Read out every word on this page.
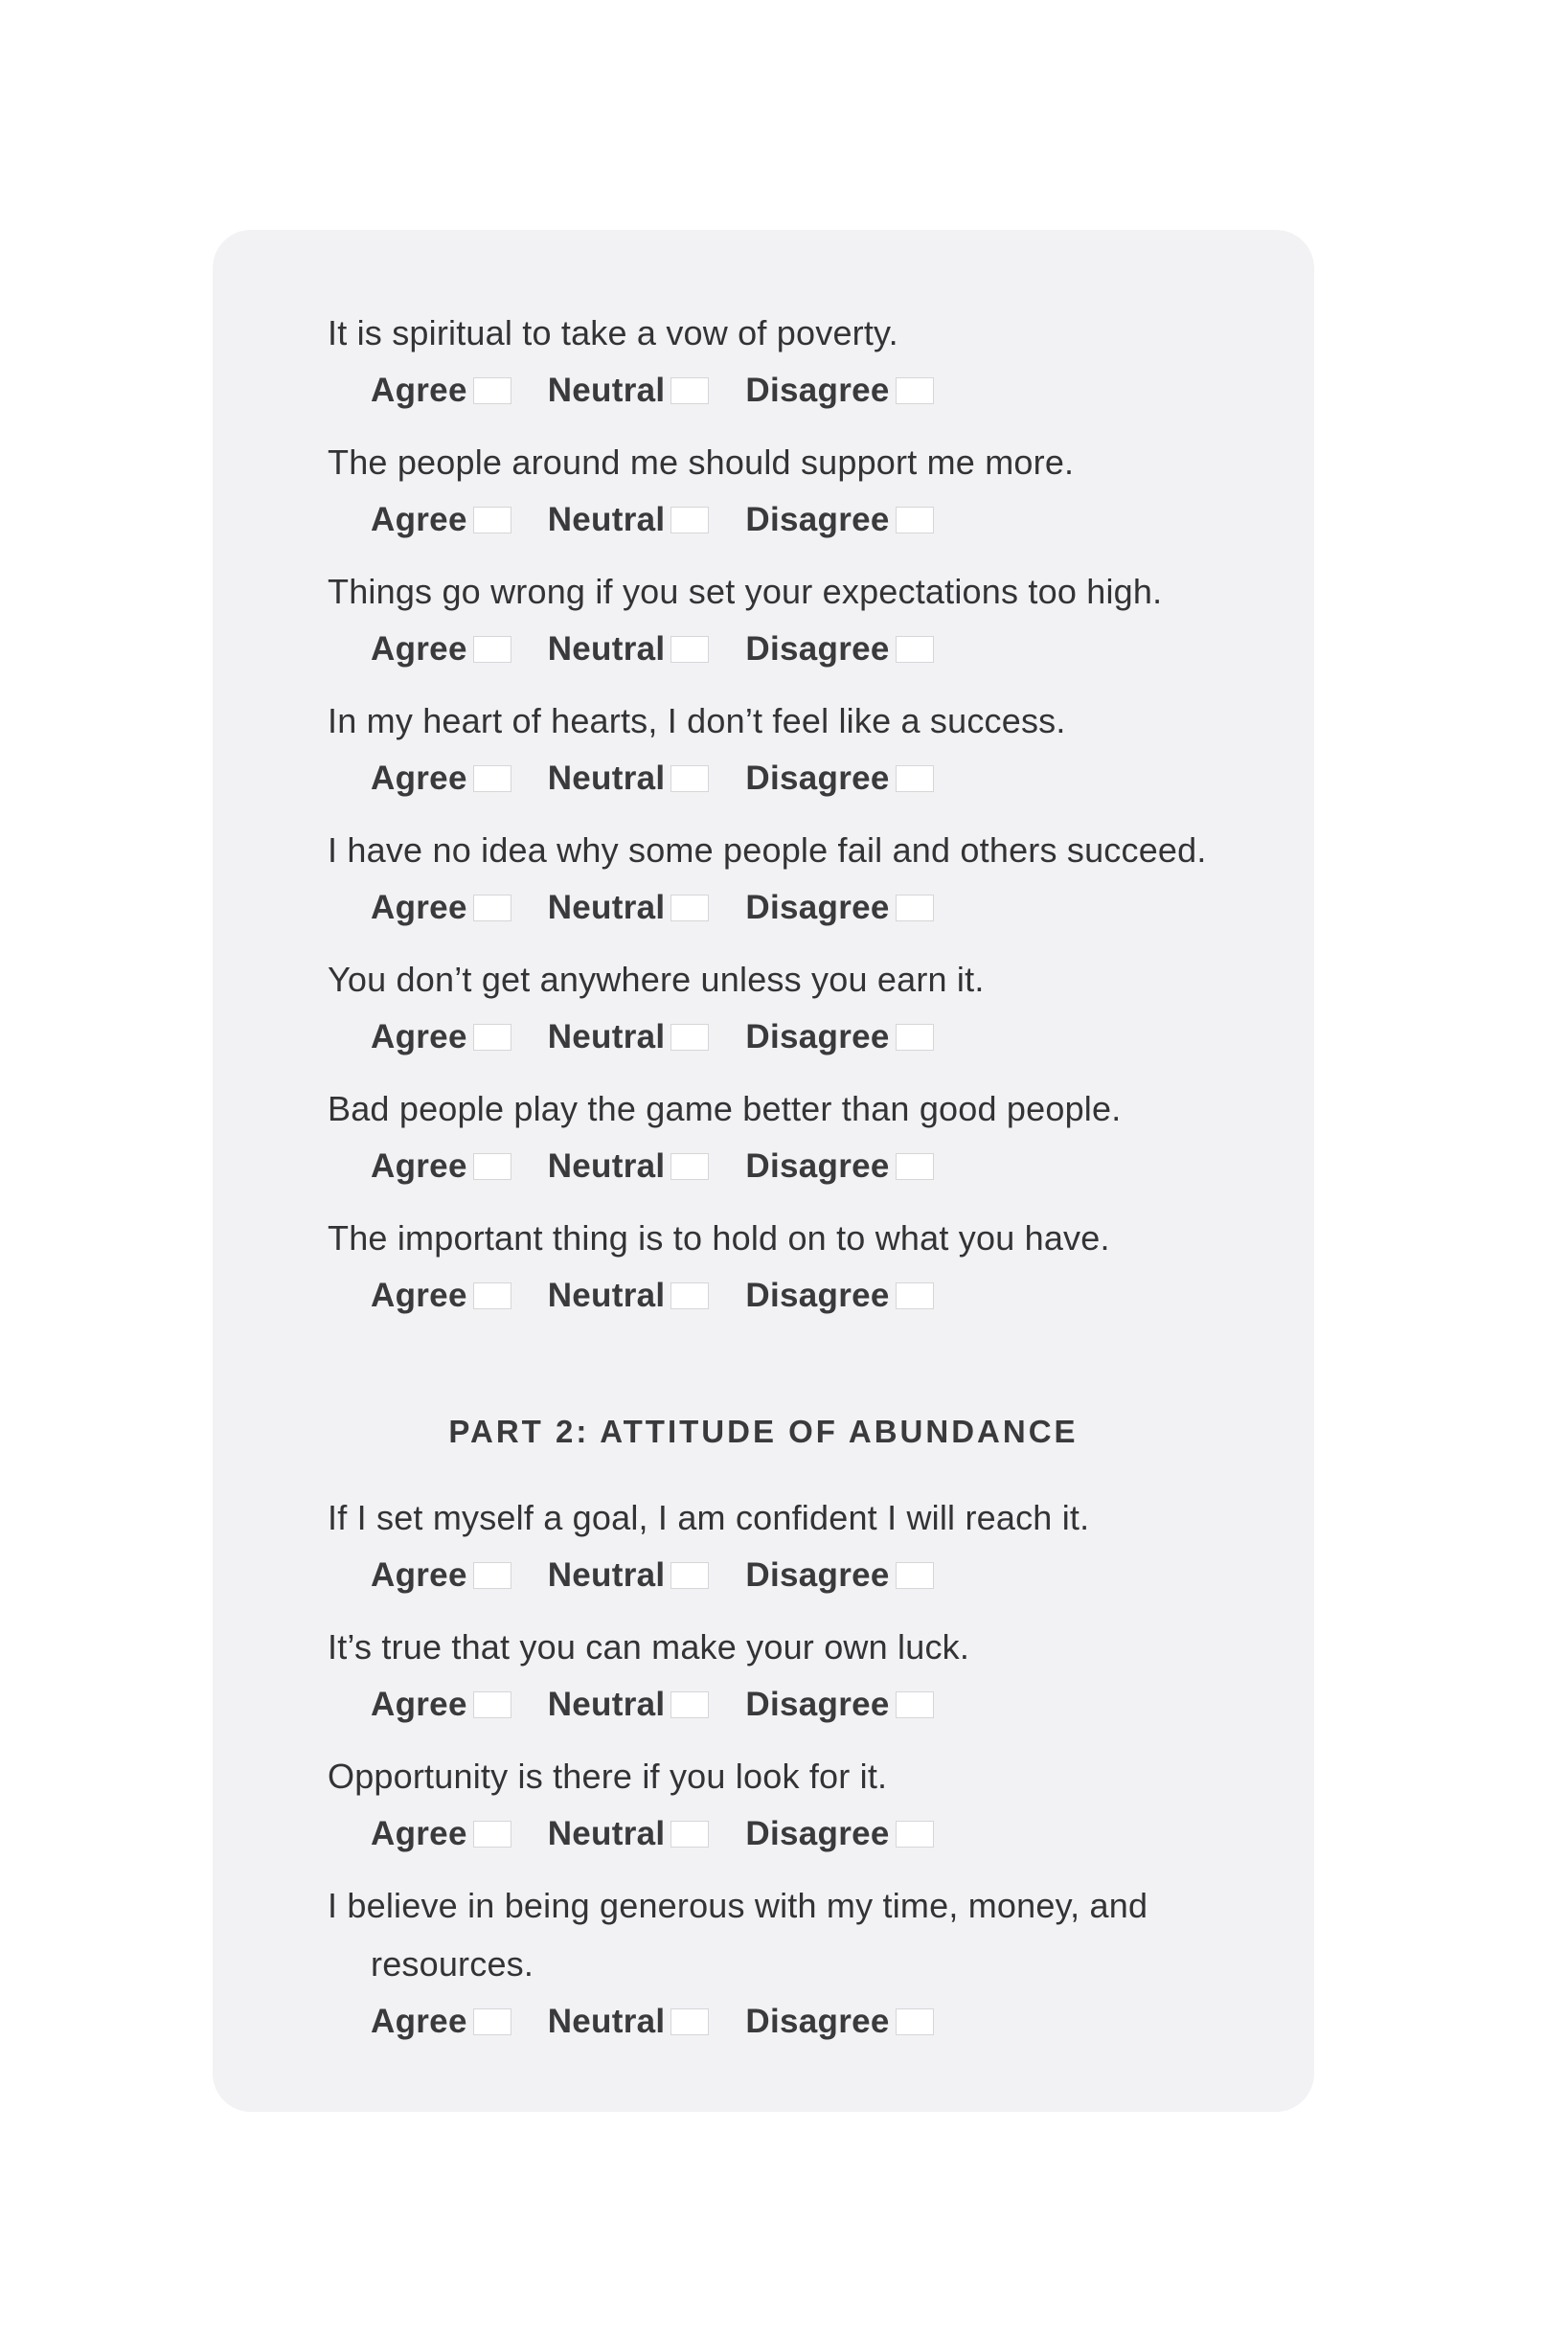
It is spiritual to take a vow of poverty.

Agree Neutral Disagree

The people around me should support me more.

Agree Neutral Disagree

Things go wrong if you set your expectations too high.

Agree Neutral Disagree

In my heart of hearts, I don’t feel like a success.

Agree Neutral Disagree

I have no idea why some people fail and others succeed.

Agree Neutral Disagree

You don’t get anywhere unless you earn it.

Agree Neutral Disagree

Bad people play the game better than good people.

Agree Neutral Disagree

The important thing is to hold on to what you have.

Agree Neutral Disagree
PART 2: ATTITUDE OF ABUNDANCE

If I set myself a goal, I am confident I will reach it.

Agree Neutral Disagree

It’s true that you can make your own luck.

Agree Neutral Disagree

Opportunity is there if you look for it.

Agree Neutral Disagree

I believe in being generous with my time, money, and
resources.

Agree Neutral Disagree
